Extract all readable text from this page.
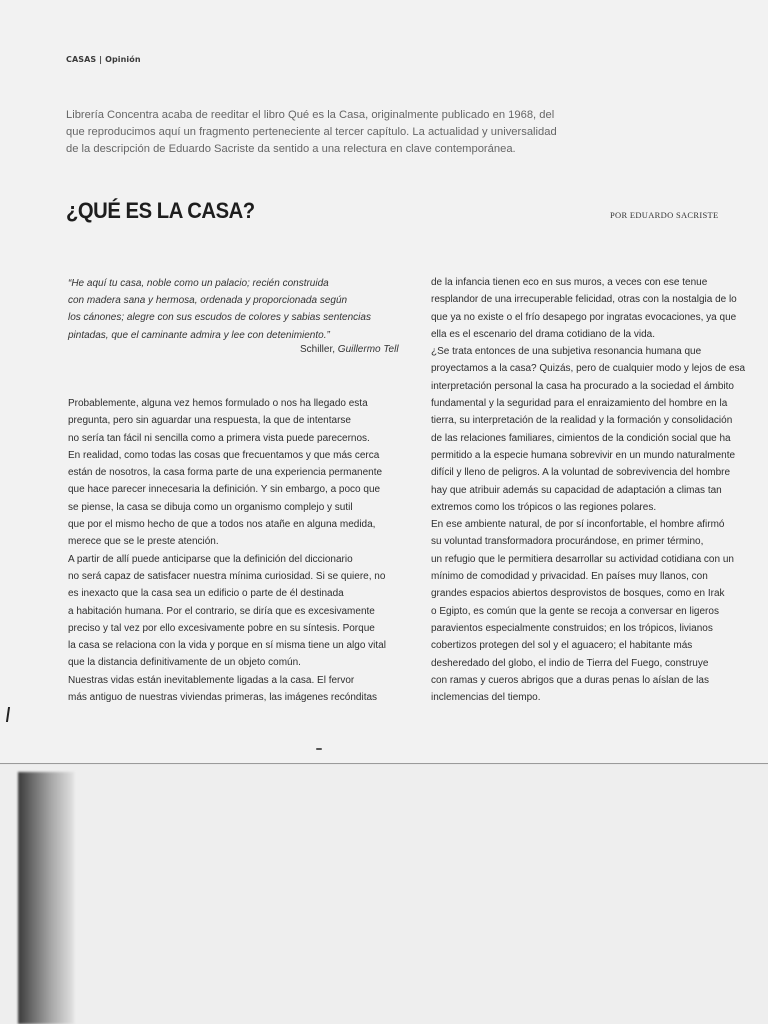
CASAS | Opinión

Librería Concentra acaba de reeditar el libro Qué es la Casa, originalmente publicado en 1968, del

que reproducimos aquí un fragmento perteneciente al tercer capítulo. La actualidad y universalidad

de la descripción de Eduardo Sacriste da sentido a una relectura en clave contemporánea.

¿QUÉ ES LA CASA?	POR EDUARDO SACRISTE

“He aquí tu casa, noble como un palacio; recién construida

con madera sana y hermosa, ordenada y proporcionada según

los cánones; alegre con sus escudos de colores y sabias sentencias

pintadas, que el caminante admira y lee con detenimiento.”

Schiller, Guillermo Tell

Probablemente, alguna vez hemos formulado o nos ha llegado esta

pregunta, pero sin aguardar una respuesta, la que de intentarse

no sería tan fácil ni sencilla como a primera vista puede parecernos.

En realidad, como todas las cosas que frecuentamos y que más cerca

están de nosotros, la casa forma parte de una experiencia permanente

que hace parecer innecesaria la definición. Y sin embargo, a poco que

se piense, la casa se dibuja como un organismo complejo y sutil

que por el mismo hecho de que a todos nos atañe en alguna medida,

merece que se le preste atención.

A partir de allí puede anticiparse que la definición del diccionario

no será capaz de satisfacer nuestra mínima curiosidad. Si se quiere, no

es inexacto que la casa sea un edificio o parte de él destinada

a habitación humana. Por el contrario, se diría que es excesivamente

preciso y tal vez por ello excesivamente pobre en su síntesis. Porque

la casa se relaciona con la vida y porque en sí misma tiene un algo vital

que la distancia definitivamente de un objeto común.

Nuestras vidas están inevitablemente ligadas a la casa. El fervor

más antiguo de nuestras viviendas primeras, las imágenes recónditas

de la infancia tienen eco en sus muros, a veces con ese tenue

resplandor de una irrecuperable felicidad, otras con la nostalgia de lo

que ya no existe o el frío desapego por ingratas evocaciones, ya que

ella es el escenario del drama cotidiano de la vida.

¿Se trata entonces de una subjetiva resonancia humana que

proyectamos a la casa? Quizás, pero de cualquier modo y lejos de esa

interpretación personal la casa ha procurado a la sociedad el ámbito

fundamental y la seguridad para el enraizamiento del hombre en la

tierra, su interpretación de la realidad y la formación y consolidación

de las relaciones familiares, cimientos de la condición social que ha

permitido a la especie humana sobrevivir en un mundo naturalmente

difícil y lleno de peligros. A la voluntad de sobrevivencia del hombre

hay que atribuir además su capacidad de adaptación a climas tan

extremos como los trópicos o las regiones polares.

En ese ambiente natural, de por sí inconfortable, el hombre afirmó

su voluntad transformadora procurándose, en primer término,

un refugio que le permitiera desarrollar su actividad cotidiana con un

mínimo de comodidad y privacidad. En países muy llanos, con

grandes espacios abiertos desprovistos de bosques, como en Irak

o Egipto, es común que la gente se recoja a conversar en ligeros

paravientos especialmente construidos; en los trópicos, livianos

cobertizos protegen del sol y el aguacero; el habitante más

desheredado del globo, el indio de Tierra del Fuego, construye

con ramas y cueros abrigos que a duras penas lo aíslan de las

inclemencias del tiempo.
